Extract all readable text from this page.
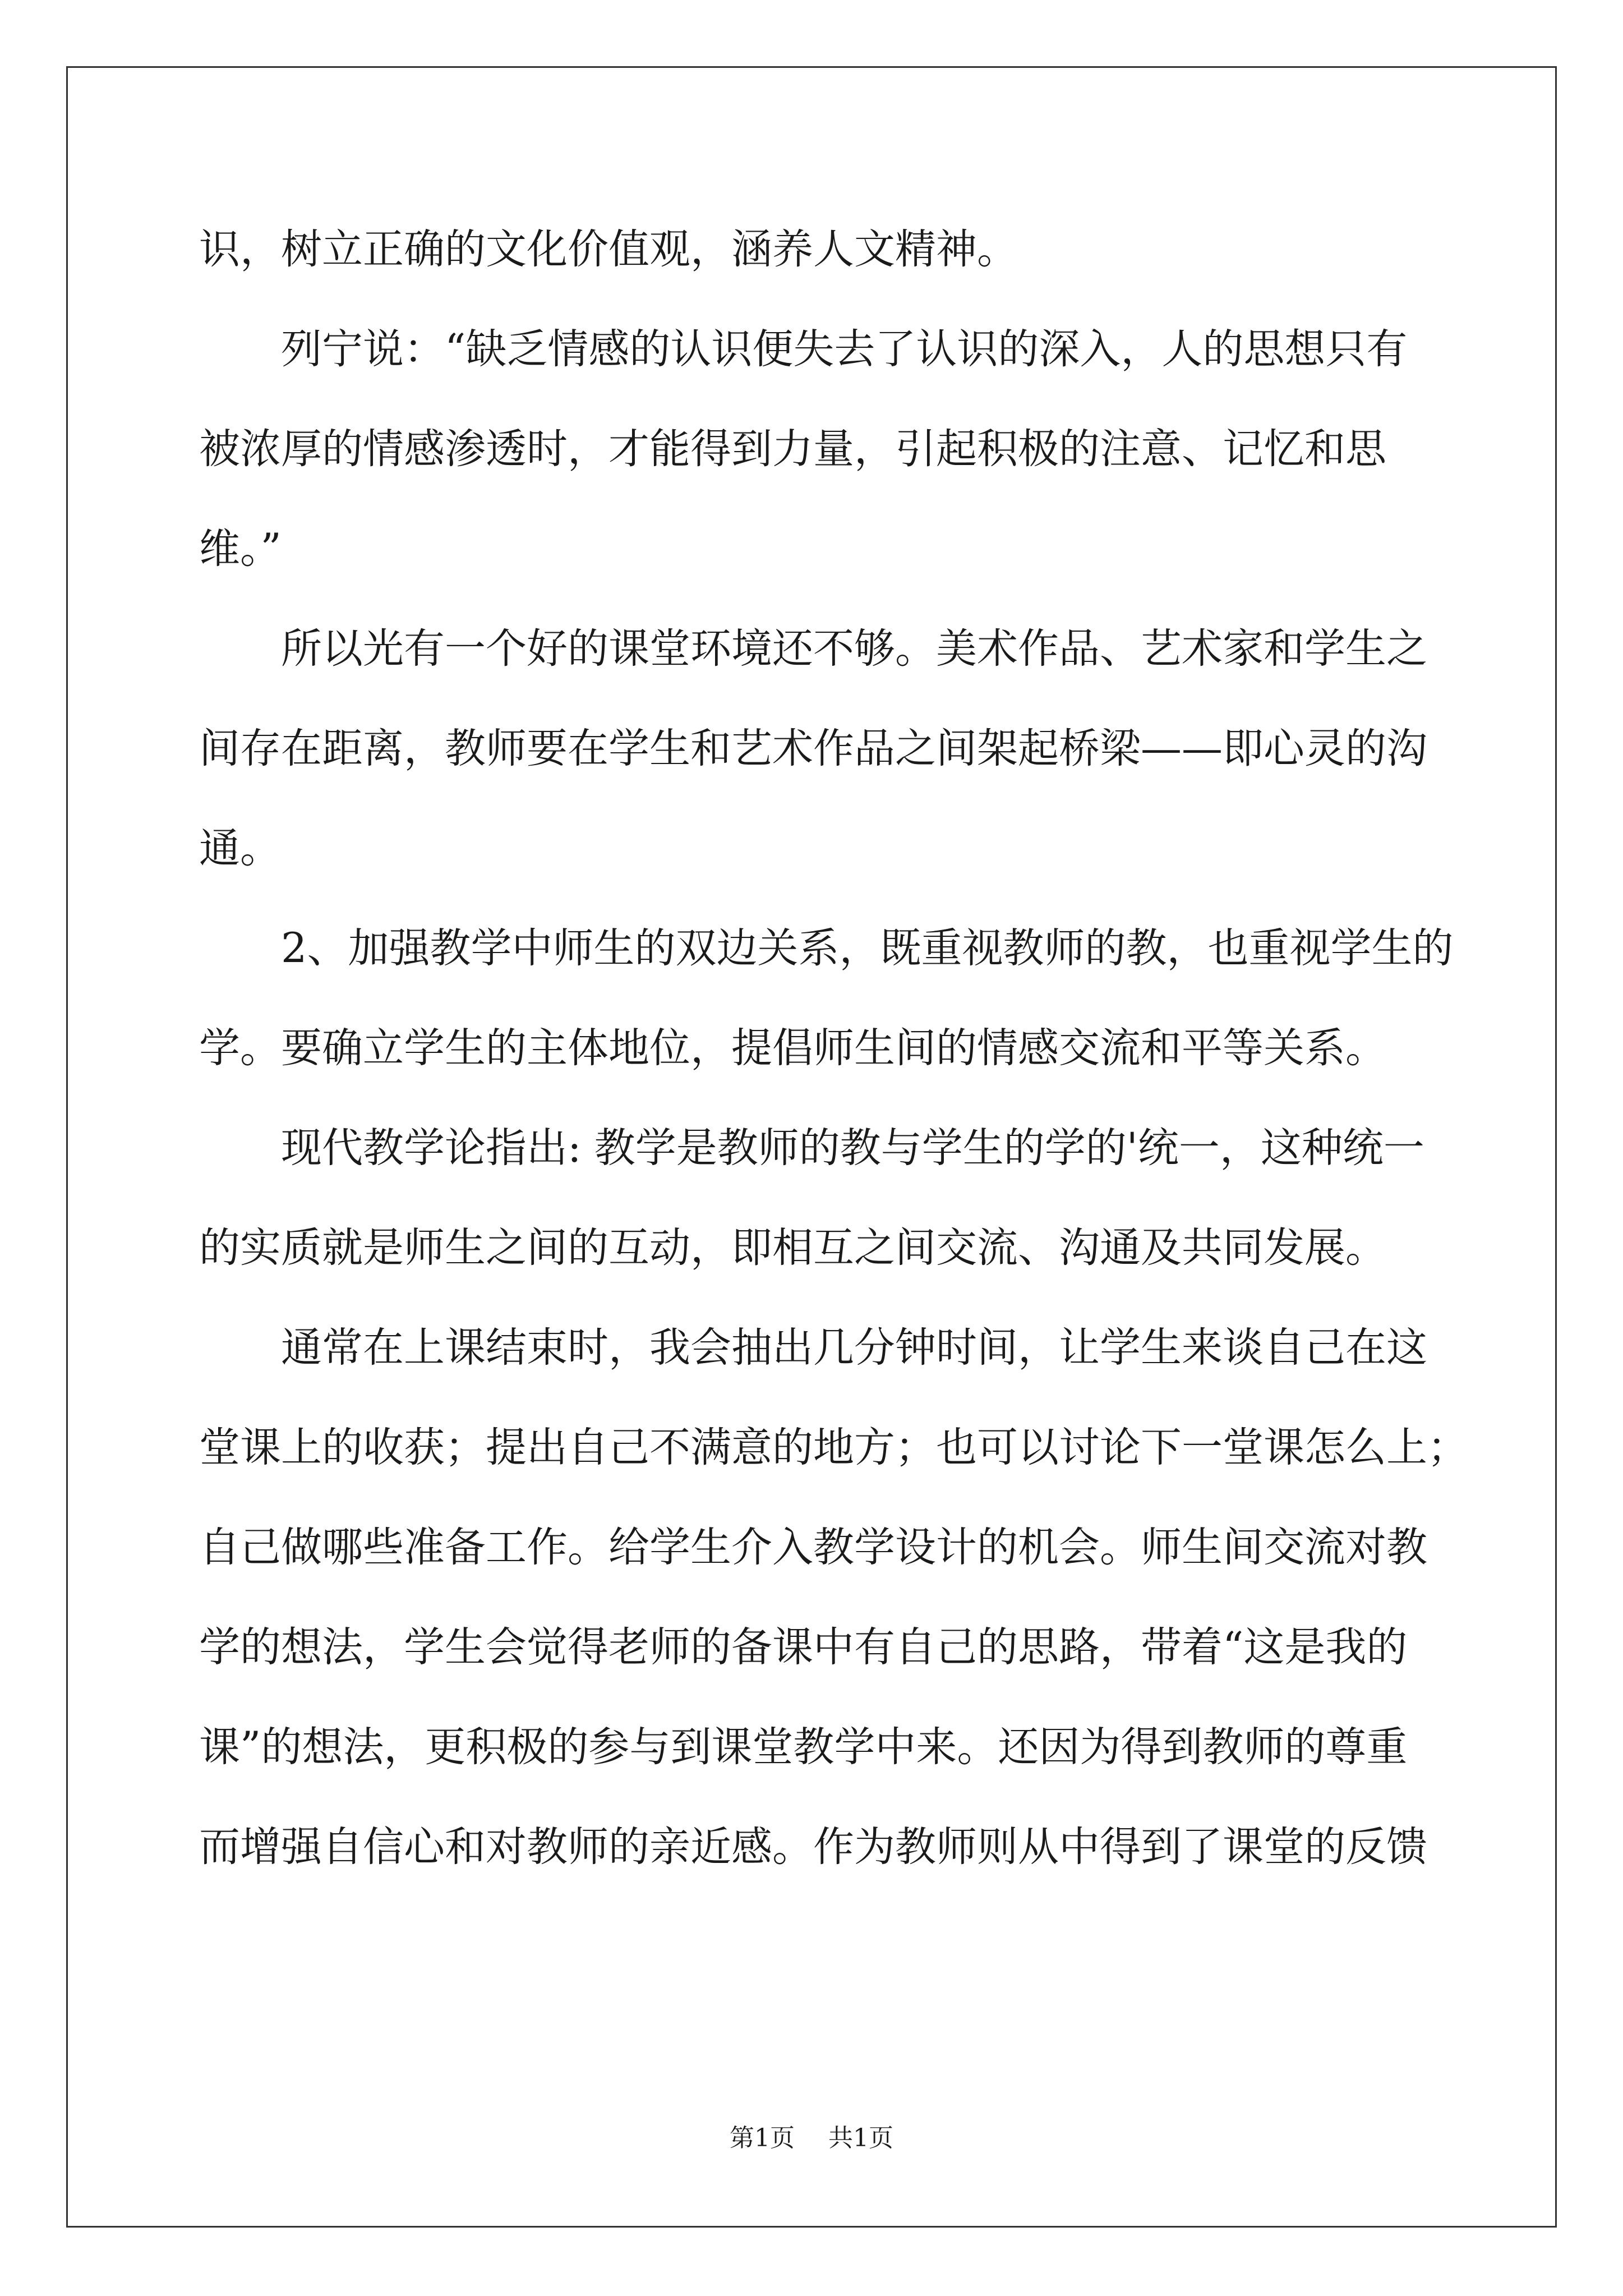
识，树立正确的文化价值观，涵养人文精神。
列宁说：“缺乏情感的认识便失去了认识的深入，人的思想只有
被浓厚的情感渗透时，才能得到力量，引起积极的注意、记忆和思
维。”
所以光有一个好的课堂环境还不够。美术作品、艺术家和学生之
间存在距离，教师要在学生和艺术作品之间架起桥梁——即心灵的沟
通。
2、加强教学中师生的双边关系，既重视教师的教，也重视学生的
学。要确立学生的主体地位，提倡师生间的情感交流和平等关系。
现代教学论指出: 教学是教师的教与学生的学的'统一，这种统一
的实质就是师生之间的互动，即相互之间交流、沟通及共同发展。
通常在上课结束时，我会抽出几分钟时间，让学生来谈自己在这
堂课上的收获；提出自己不满意的地方；也可以讨论下一堂课怎么上；
自己做哪些准备工作。给学生介入教学设计的机会。师生间交流对教
学的想法，学生会觉得老师的备课中有自己的思路，带着“这是我的
课”的想法，更积极的参与到课堂教学中来。还因为得到教师的尊重
而增强自信心和对教师的亲近感。作为教师则从中得到了课堂的反馈
第1页 共1页
